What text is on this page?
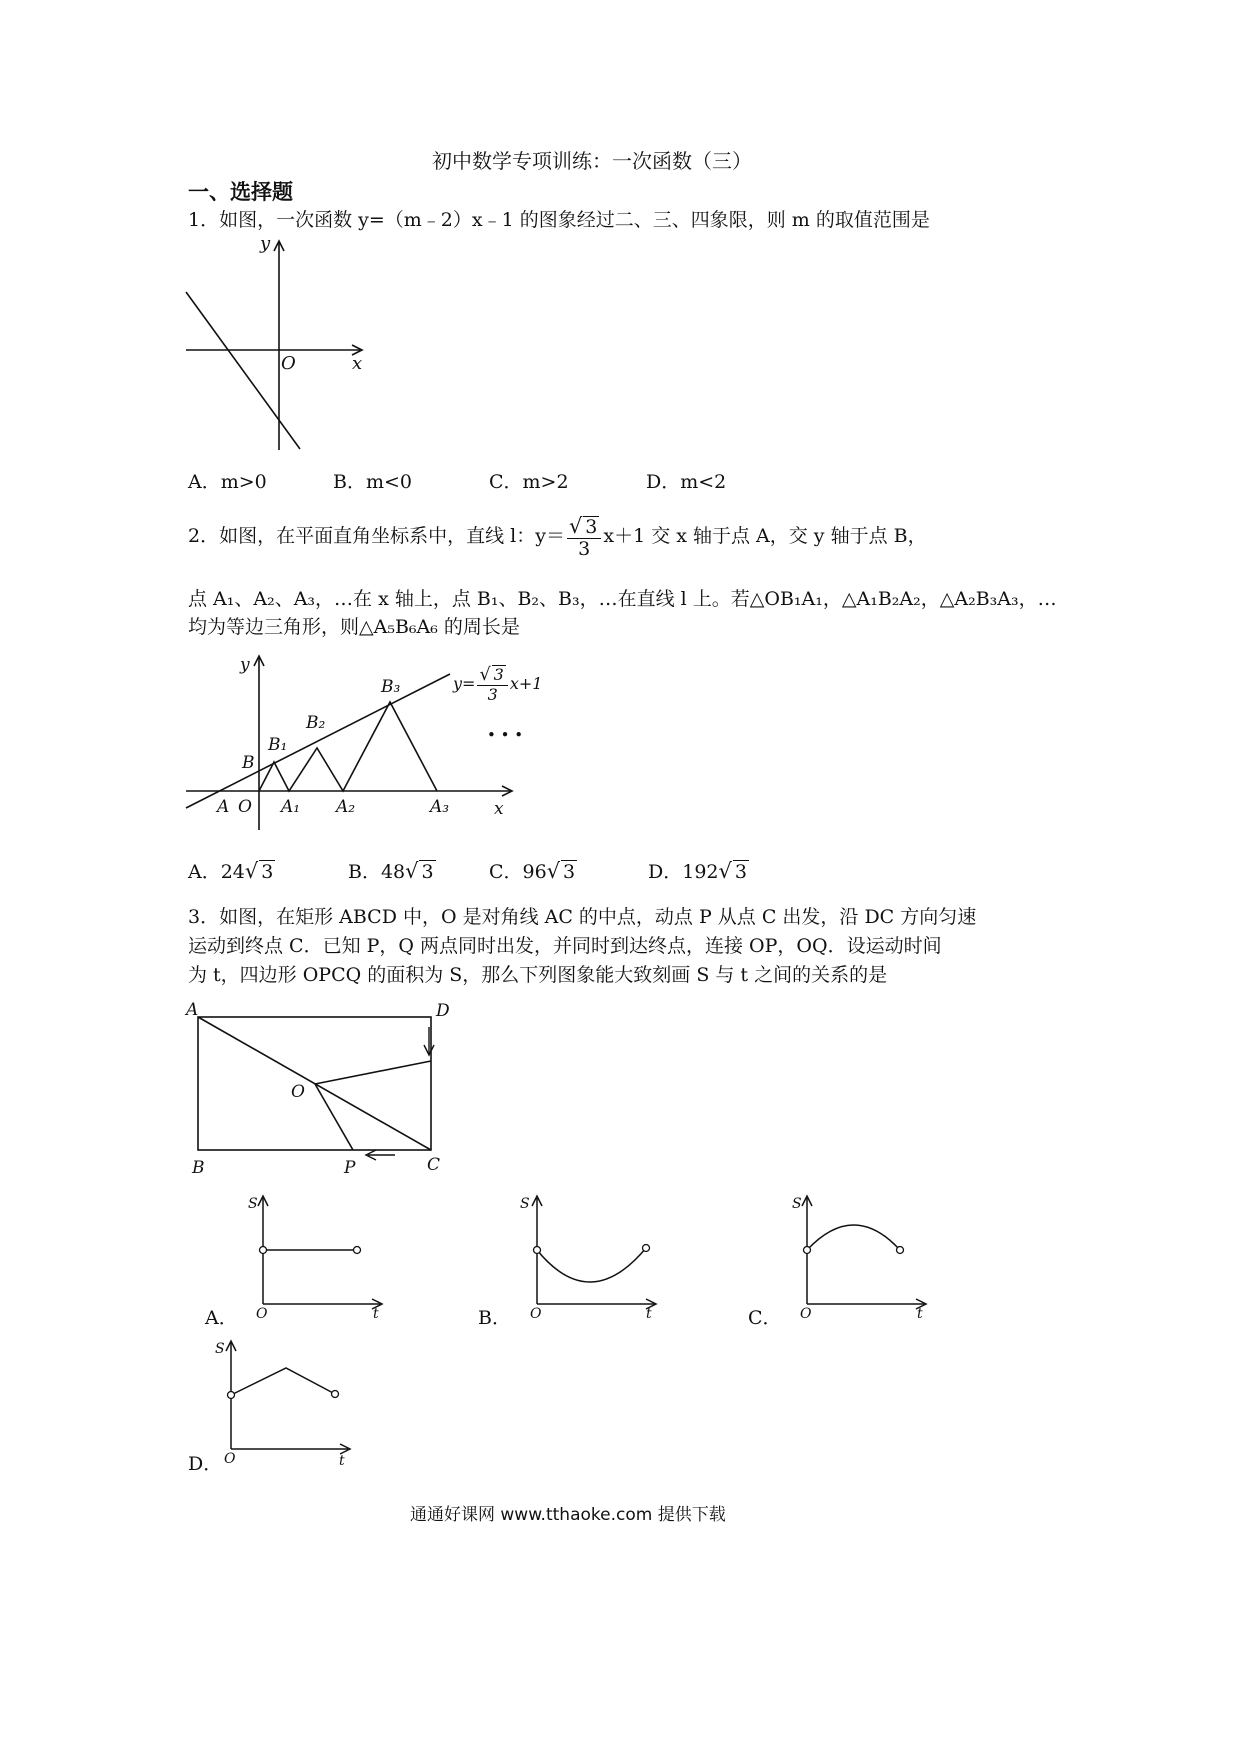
初中数学专项训练：一次函数（三）
一、选择题
1．如图，一次函数 y=（m﹣2）x﹣1 的图象经过二、三、四象限，则 m 的取值范围是
y
x
O
A．m>0	B．m<0	C．m>2	D．m<2
2．如图，在平面直角坐标系中，直线 l：$y= \frac{√ 3}{3} x+1$ 交 x 轴于点 A，交 y 轴于点 B，
点 A₁、A₂、A₃，…在 x 轴上，点 B₁、B₂、B₃，…在直线 l 上。若△OB₁A₁，△A₁B₂A₂，△A₂B₃A₃，…
均为等边三角形，则△A₅B₆A₆ 的周长是
y
x
B
A O
B₁
B₂
B₃
A₁ A₂	A₃
• • •
$y= \frac{√ 3}{3} x+1$
A．24√ 3	B．48√ 3	C．96√ 3	D．192√ 3
3．如图，在矩形 ABCD 中，O 是对角线 AC 的中点，动点 P 从点 C 出发，沿 DC 方向匀速
运动到终点 C．已知 P，Q 两点同时出发，并同时到达终点，连接 OP，OQ．设运动时间
为 t，四边形 OPCQ 的面积为 S，那么下列图象能大致刻画 S 与 t 之间的关系的是
A	D
B	C
O
P
S
O	t
A．
S
O	t
B．
S
O	t
C．
S
O	t
D．
通通好课网 www.tthaoke.com 提供下载
